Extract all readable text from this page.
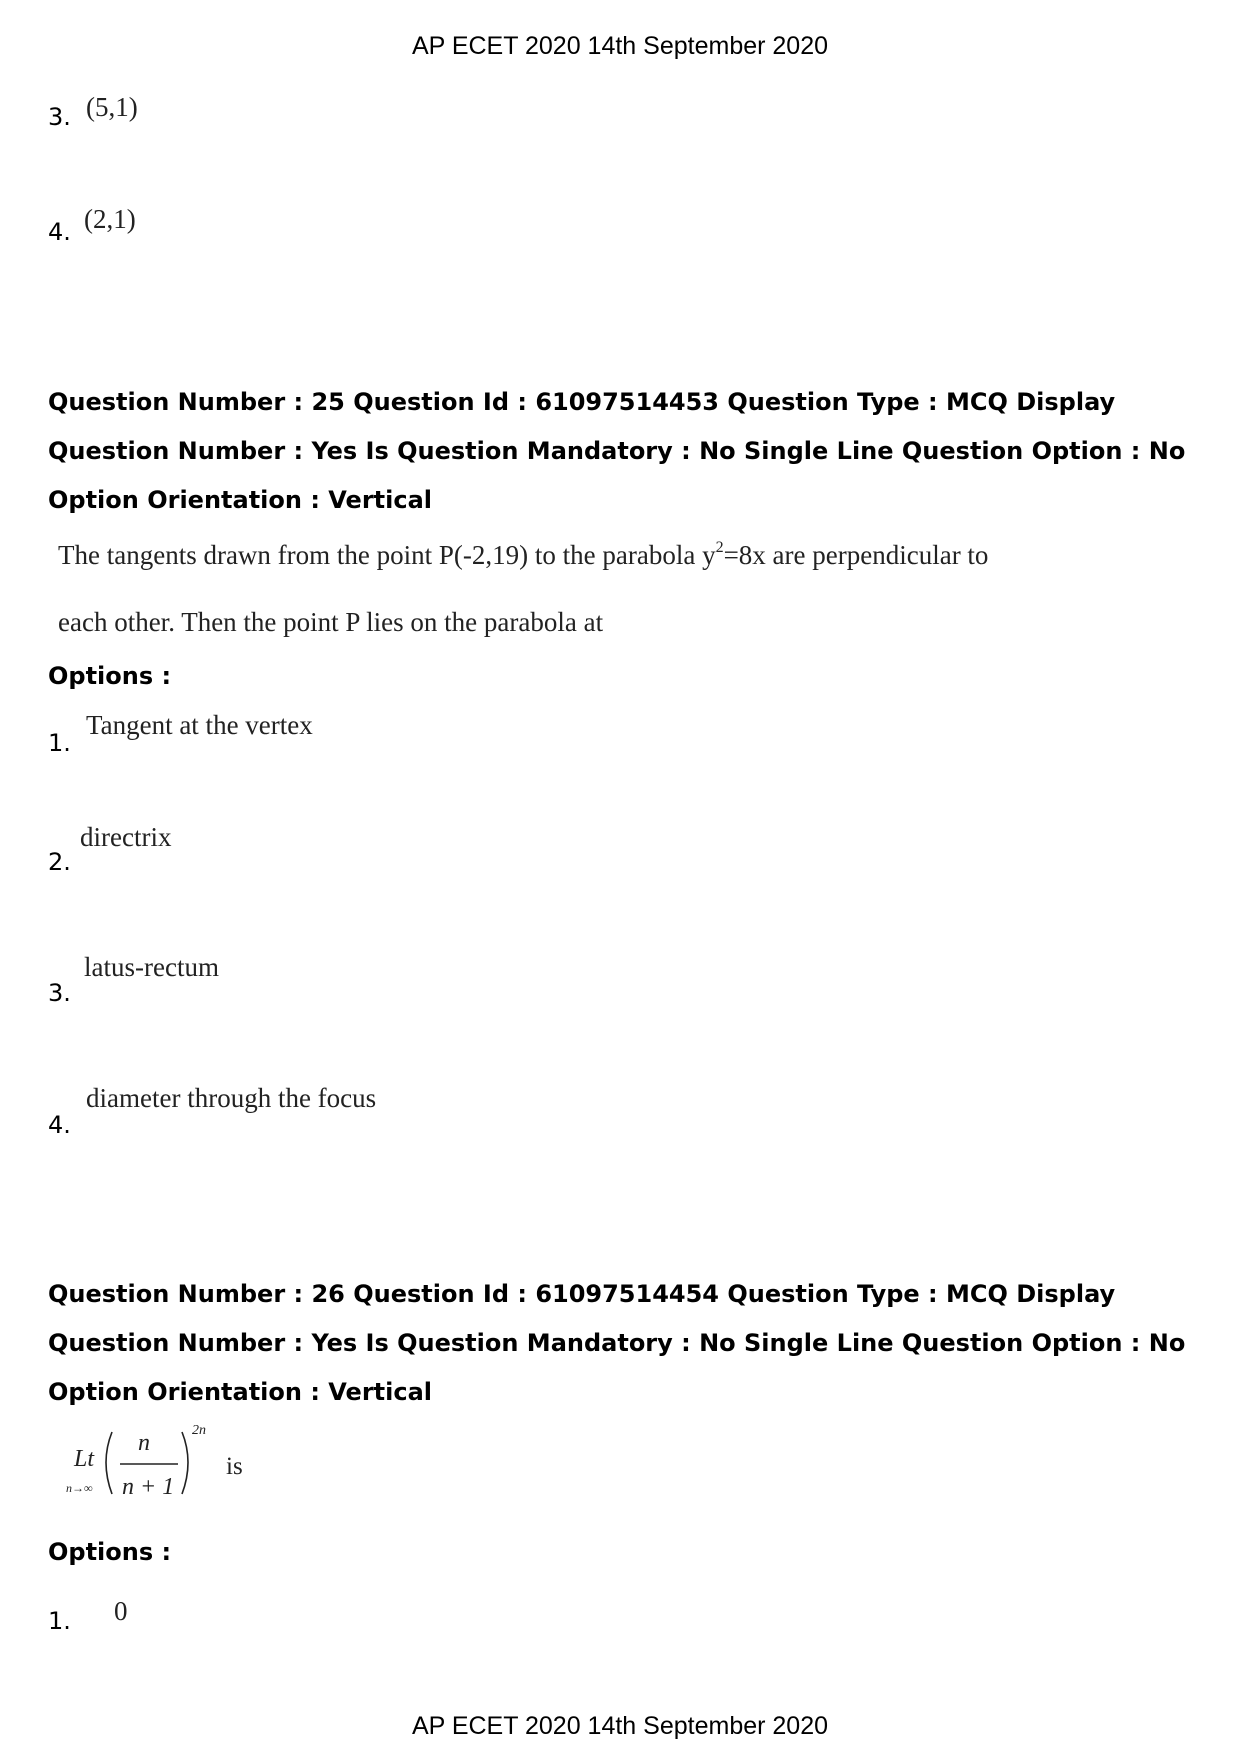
AP ECET 2020 14th September 2020
3. (5,1)
4. (2,1)

Question Number : 25 Question Id : 61097514453 Question Type : MCQ Display Question Number : Yes Is Question Mandatory : No Single Line Question Option : No Option Orientation : Vertical

The tangents drawn from the point P(-2,19) to the parabola $y^2=8x$ are perpendicular to
each other. Then the point P lies on the parabola at
Options :
1.
Tangent at the vertex
2.
directrix
3.
latus-rectum
4.
diameter through the focus

Question Number : 26 Question Id : 61097514454 Question Type : MCQ Display Question Number : Yes Is Question Mandatory : No Single Line Question Option : No Option Orientation : Vertical

Lt
n→∞
n
n + 1
2n
is
Options :
1. 0
AP ECET 2020 14th September 2020
